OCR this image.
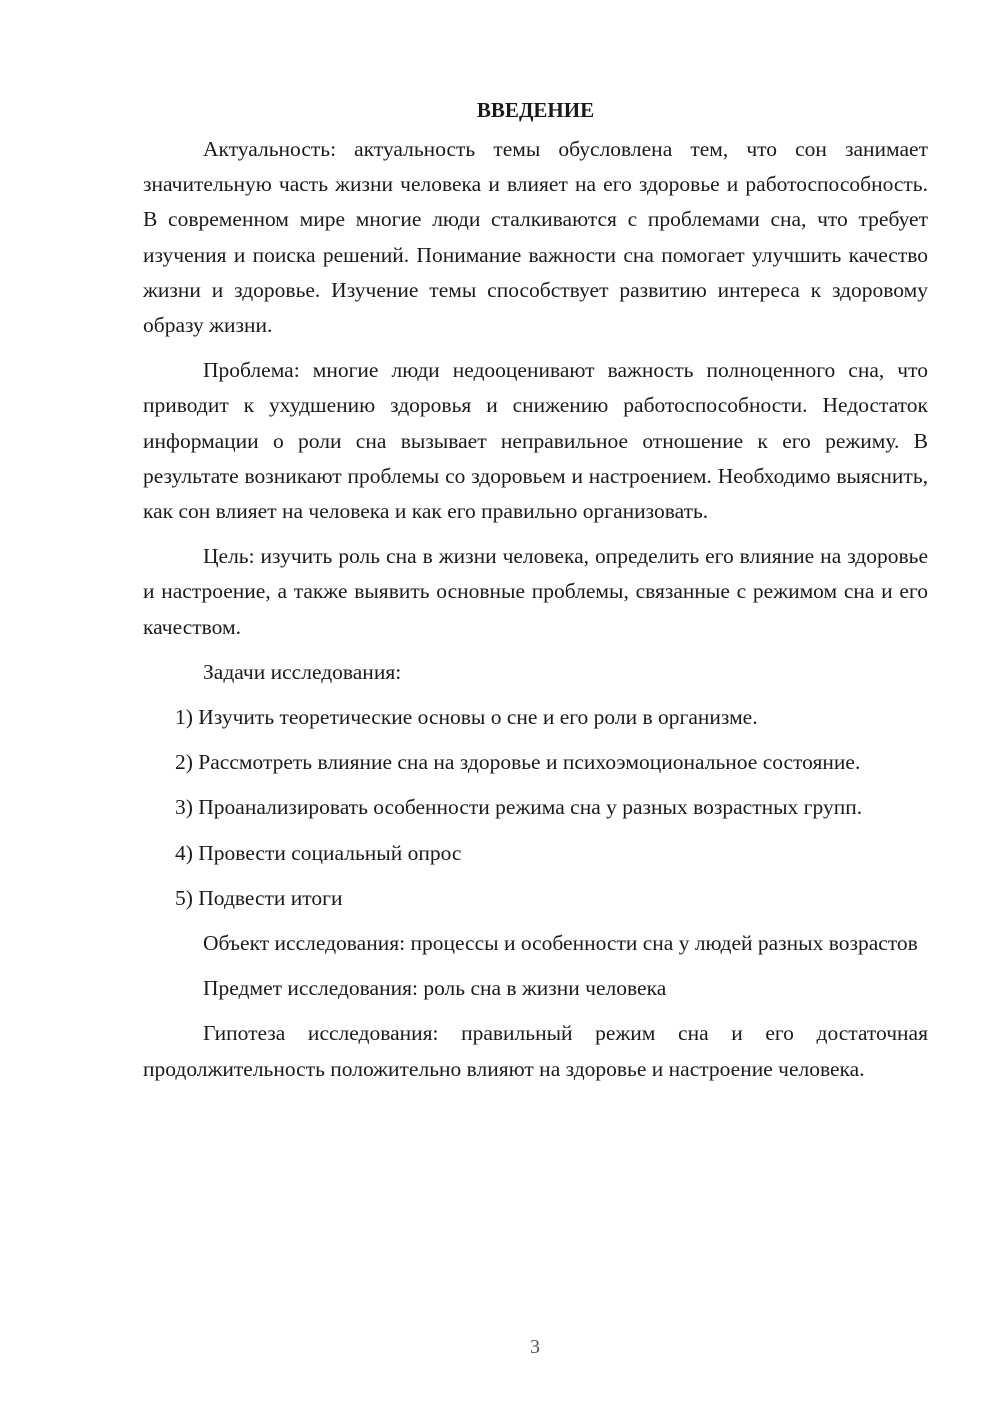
ВВЕДЕНИЕ

Актуальность: актуальность темы обусловлена тем, что сон занимает значительную часть жизни человека и влияет на его здоровье и работоспособность. В современном мире многие люди сталкиваются с проблемами сна, что требует изучения и поиска решений. Понимание важности сна помогает улучшить качество жизни и здоровье. Изучение темы способствует развитию интереса к здоровому образу жизни.

Проблема: многие люди недооценивают важность полноценного сна, что приводит к ухудшению здоровья и снижению работоспособности. Недостаток информации о роли сна вызывает неправильное отношение к его режиму. В результате возникают проблемы со здоровьем и настроением. Необходимо выяснить, как сон влияет на человека и как его правильно организовать.

Цель: изучить роль сна в жизни человека, определить его влияние на здоровье и настроение, а также выявить основные проблемы, связанные с режимом сна и его качеством.

Задачи исследования:

1) Изучить теоретические основы о сне и его роли в организме.

2) Рассмотреть влияние сна на здоровье и психоэмоциональное состояние.

3) Проанализировать особенности режима сна у разных возрастных групп.

4) Провести социальный опрос

5) Подвести итоги

Объект исследования: процессы и особенности сна у людей разных возрастов

Предмет исследования: роль сна в жизни человека

Гипотеза исследования: правильный режим сна и его достаточная продолжительность положительно влияют на здоровье и настроение человека.

3
